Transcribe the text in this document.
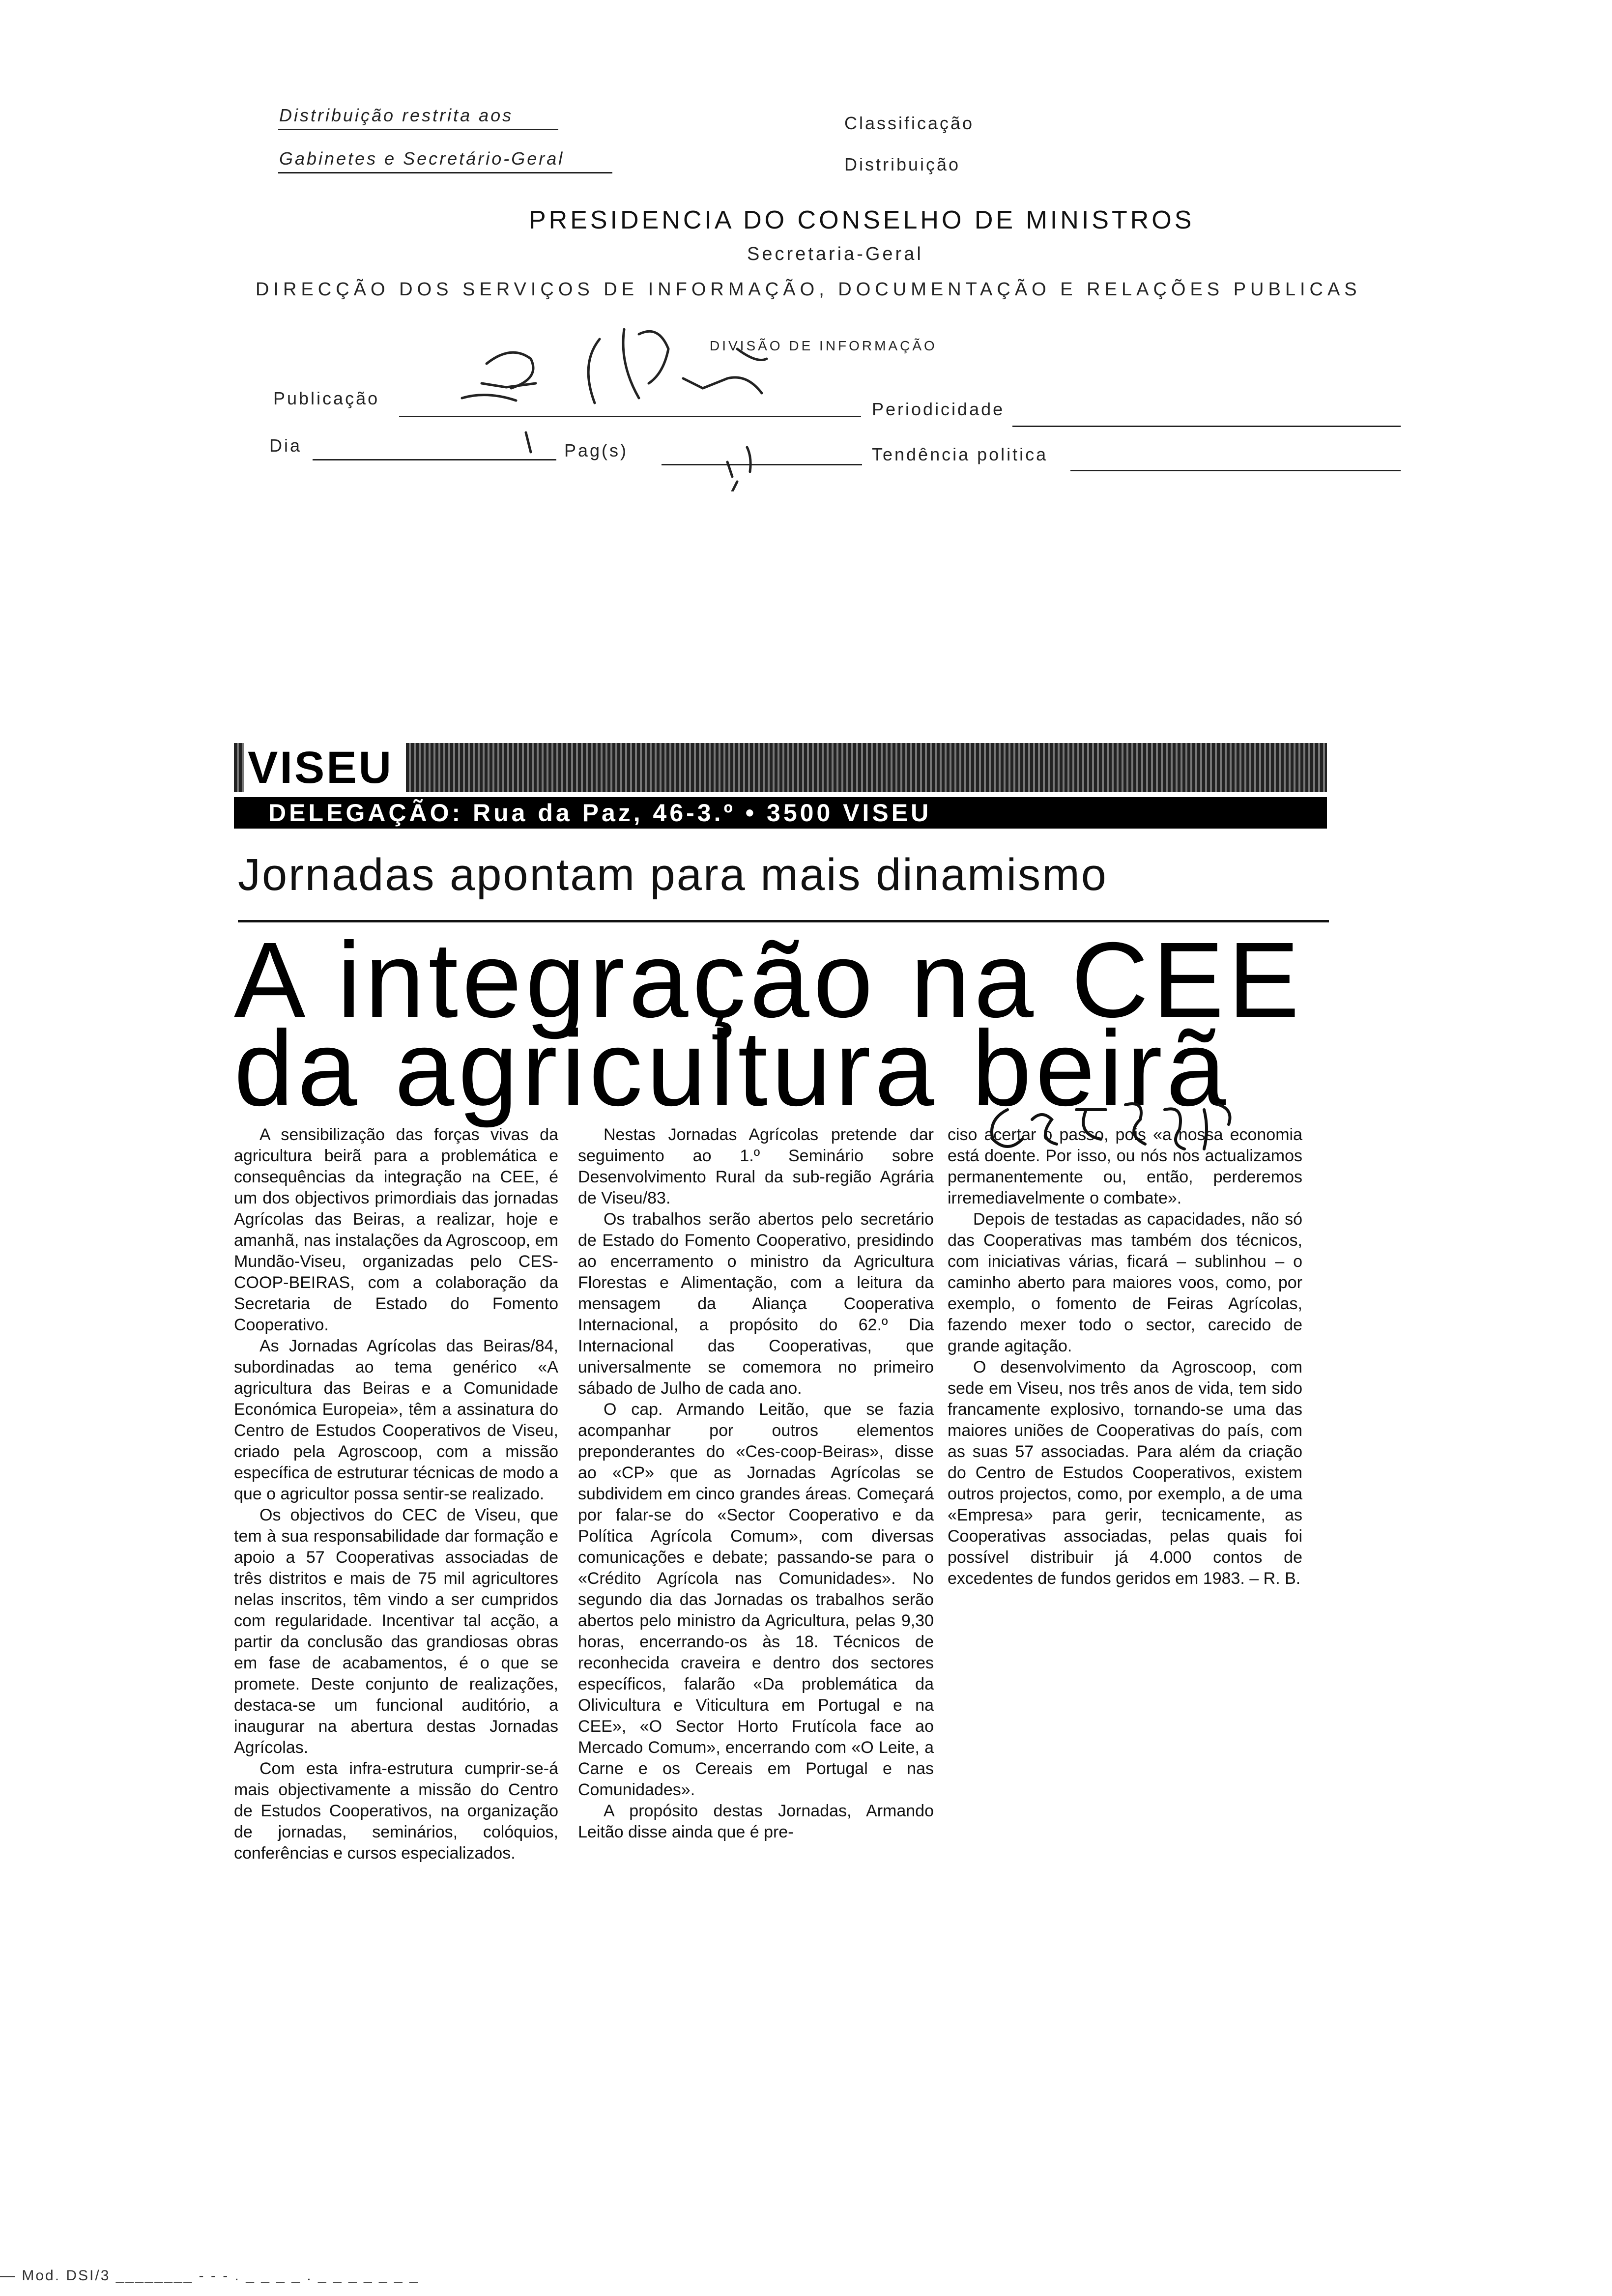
Distribuição restrita aos
Gabinetes e Secretário-Geral
Classificação
Distribuição
PRESIDENCIA DO CONSELHO DE MINISTROS
Secretaria-Geral
DIRECÇÃO DOS SERVIÇOS DE INFORMAÇÃO, DOCUMENTAÇÃO E RELAÇÕES PUBLICAS
DIVISÃO DE INFORMAÇÃO
Publicação
Periodicidade
Dia	Pag(s)	Tendência politica
VISEU
DELEGAÇÃO: Rua da Paz, 46-3.º • 3500 VISEU
Jornadas apontam para mais dinamismo
A integração na CEE
da agricultura beirã

A sensibilização das forças vivas da agricultura beirã para a problemática e consequências da integração na CEE, é um dos objectivos primordiais das jornadas Agrícolas das Beiras, a realizar, hoje e amanhã, nas instalações da Agroscoop, em Mundão-Viseu, organizadas pelo CES-COOP-BEIRAS, com a colaboração da Secretaria de Estado do Fomento Cooperativo.

As Jornadas Agrícolas das Beiras/84, subordinadas ao tema genérico «A agricultura das Beiras e a Comunidade Económica Europeia», têm a assinatura do Centro de Estudos Cooperativos de Viseu, criado pela Agroscoop, com a missão específica de estruturar técnicas de modo a que o agricultor possa sentir-se realizado.

Os objectivos do CEC de Viseu, que tem à sua responsabilidade dar formação e apoio a 57 Cooperativas associadas de três distritos e mais de 75 mil agricultores nelas inscritos, têm vindo a ser cumpridos com regularidade. Incentivar tal acção, a partir da conclusão das grandiosas obras em fase de acabamentos, é o que se promete. Deste conjunto de realizações, destaca-se um funcional auditório, a inaugurar na abertura destas Jornadas Agrícolas.

Com esta infra-estrutura cumprir-se-á mais objectivamente a missão do Centro de Estudos Cooperativos, na organização de jornadas, seminários, colóquios, conferências e cursos especializados.

Nestas Jornadas Agrícolas pretende dar seguimento ao 1.º Seminário sobre Desenvolvimento Rural da sub-região Agrária de Viseu/83.

Os trabalhos serão abertos pelo secretário de Estado do Fomento Cooperativo, presidindo ao encerramento o ministro da Agricultura Florestas e Alimentação, com a leitura da mensagem da Aliança Cooperativa Internacional, a propósito do 62.º Dia Internacional das Cooperativas, que universalmente se comemora no primeiro sábado de Julho de cada ano.

O cap. Armando Leitão, que se fazia acompanhar por outros elementos preponderantes do «Ces-coop-Beiras», disse ao «CP» que as Jornadas Agrícolas se subdividem em cinco grandes áreas. Começará por falar-se do «Sector Cooperativo e da Política Agrícola Comum», com diversas comunicações e debate; passando-se para o «Crédito Agrícola nas Comunidades». No segundo dia das Jornadas os trabalhos serão abertos pelo ministro da Agricultura, pelas 9,30 horas, encerrando-os às 18. Técnicos de reconhecida craveira e dentro dos sectores específicos, falarão «Da problemática da Olivicultura e Viticultura em Portugal e na CEE», «O Sector Horto Frutícola face ao Mercado Comum», encerrando com «O Leite, a Carne e os Cereais em Portugal e nas Comunidades».

A propósito destas Jornadas, Armando Leitão disse ainda que é pre-

ciso acertar o passo, pois «a nossa economia está doente. Por isso, ou nós nos actualizamos permanentemente ou, então, perderemos irremediavelmente o combate».

Depois de testadas as capacidades, não só das Cooperativas mas também dos técnicos, com iniciativas várias, ficará – sublinhou – o caminho aberto para maiores voos, como, por exemplo, o fomento de Feiras Agrícolas, fazendo mexer todo o sector, carecido de grande agitação.

O desenvolvimento da Agroscoop, com sede em Viseu, nos três anos de vida, tem sido francamente explosivo, tornando-se uma das maiores uniões de Cooperativas do país, com as suas 57 associadas. Para além da criação do Centro de Estudos Cooperativos, existem outros projectos, como, por exemplo, a de uma «Empresa» para gerir, tecnicamente, as Cooperativas associadas, pelas quais foi possível distribuir já 4.000 contos de excedentes de fundos geridos em 1983. – R. B.

— Mod. DSI/3 ________ - - - . _ _ _ _ . _ _ _ _ _ _ _
